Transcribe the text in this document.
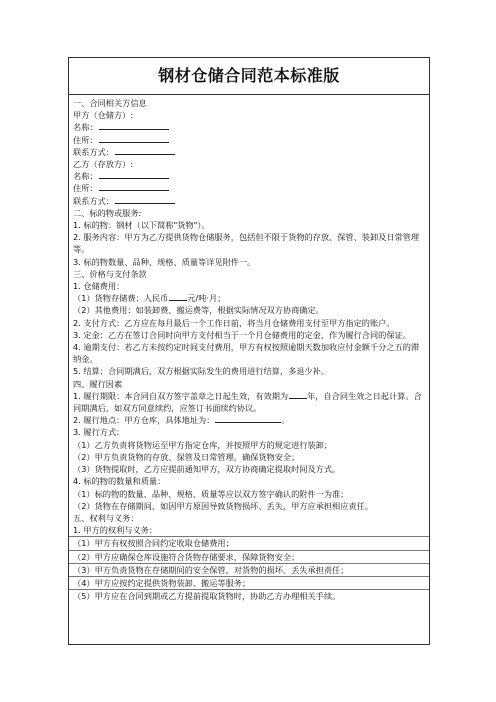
钢材仓储合同范本标准版
一、合同相关方信息
甲方（仓储方）:
名称：
住所：
联系方式：
乙方（存放方）:
名称：
住所：
联系方式：
二、标的物或服务:
1. 标的物：钢材（以下简称"货物"）。
2. 服务内容：甲方为乙方提供货物仓储服务，包括但不限于货物的存放、保管、装卸及日常管理等。
3. 标的物数量、品种、规格、质量等详见附件一。
三、价格与支付条款
1. 仓储费用：
（1）货物存储费：人民币 元/吨·月；
（2）其他费用：如装卸费、搬运费等，根据实际情况双方协商确定。
2. 支付方式：乙方应在每月最后一个工作日前，将当月仓储费用支付至甲方指定的账户。
3. 定金：乙方在签订合同时向甲方支付相当于一个月仓储费用的定金，作为履行合同的保证。
4. 逾期支付：若乙方未按约定时间支付费用，甲方有权按照逾期天数加收应付金额千分之五的滞纳金。
5. 结算：合同期满后，双方根据实际发生的费用进行结算，多退少补。
四、履行因素
1. 履行期限：本合同自双方签字盖章之日起生效，有效期为 年，自合同生效之日起计算。合同期满后，如双方同意续约，应签订书面续约协议。
2. 履行地点：甲方仓库，具体地址为：	。
3. 履行方式：
（1）乙方负责将货物运至甲方指定仓库，并按照甲方的规定进行装卸；
（2）甲方负责货物的存放、保管及日常管理，确保货物安全；
（3）货物提取时，乙方应提前通知甲方，双方协商确定提取时间及方式。
4. 标的物的数量和质量：
（1）标的物的数量、品种、规格、质量等应以双方签字确认的附件一为准；
（2）货物在存储期间，如因甲方原因导致货物损坏、丢失，甲方应承担相应责任。
五、权利与义务：
1. 甲方的权利与义务：
（1）甲方有权按照合同约定收取仓储费用；
（2）甲方应确保仓库设施符合货物存储要求，保障货物安全；
（3）甲方负责货物在存储期间的安全保管，对货物的损坏、丢失承担责任；
（4）甲方应按约定提供货物装卸、搬运等服务；
（5）甲方应在合同到期或乙方提前提取货物时，协助乙方办理相关手续。
